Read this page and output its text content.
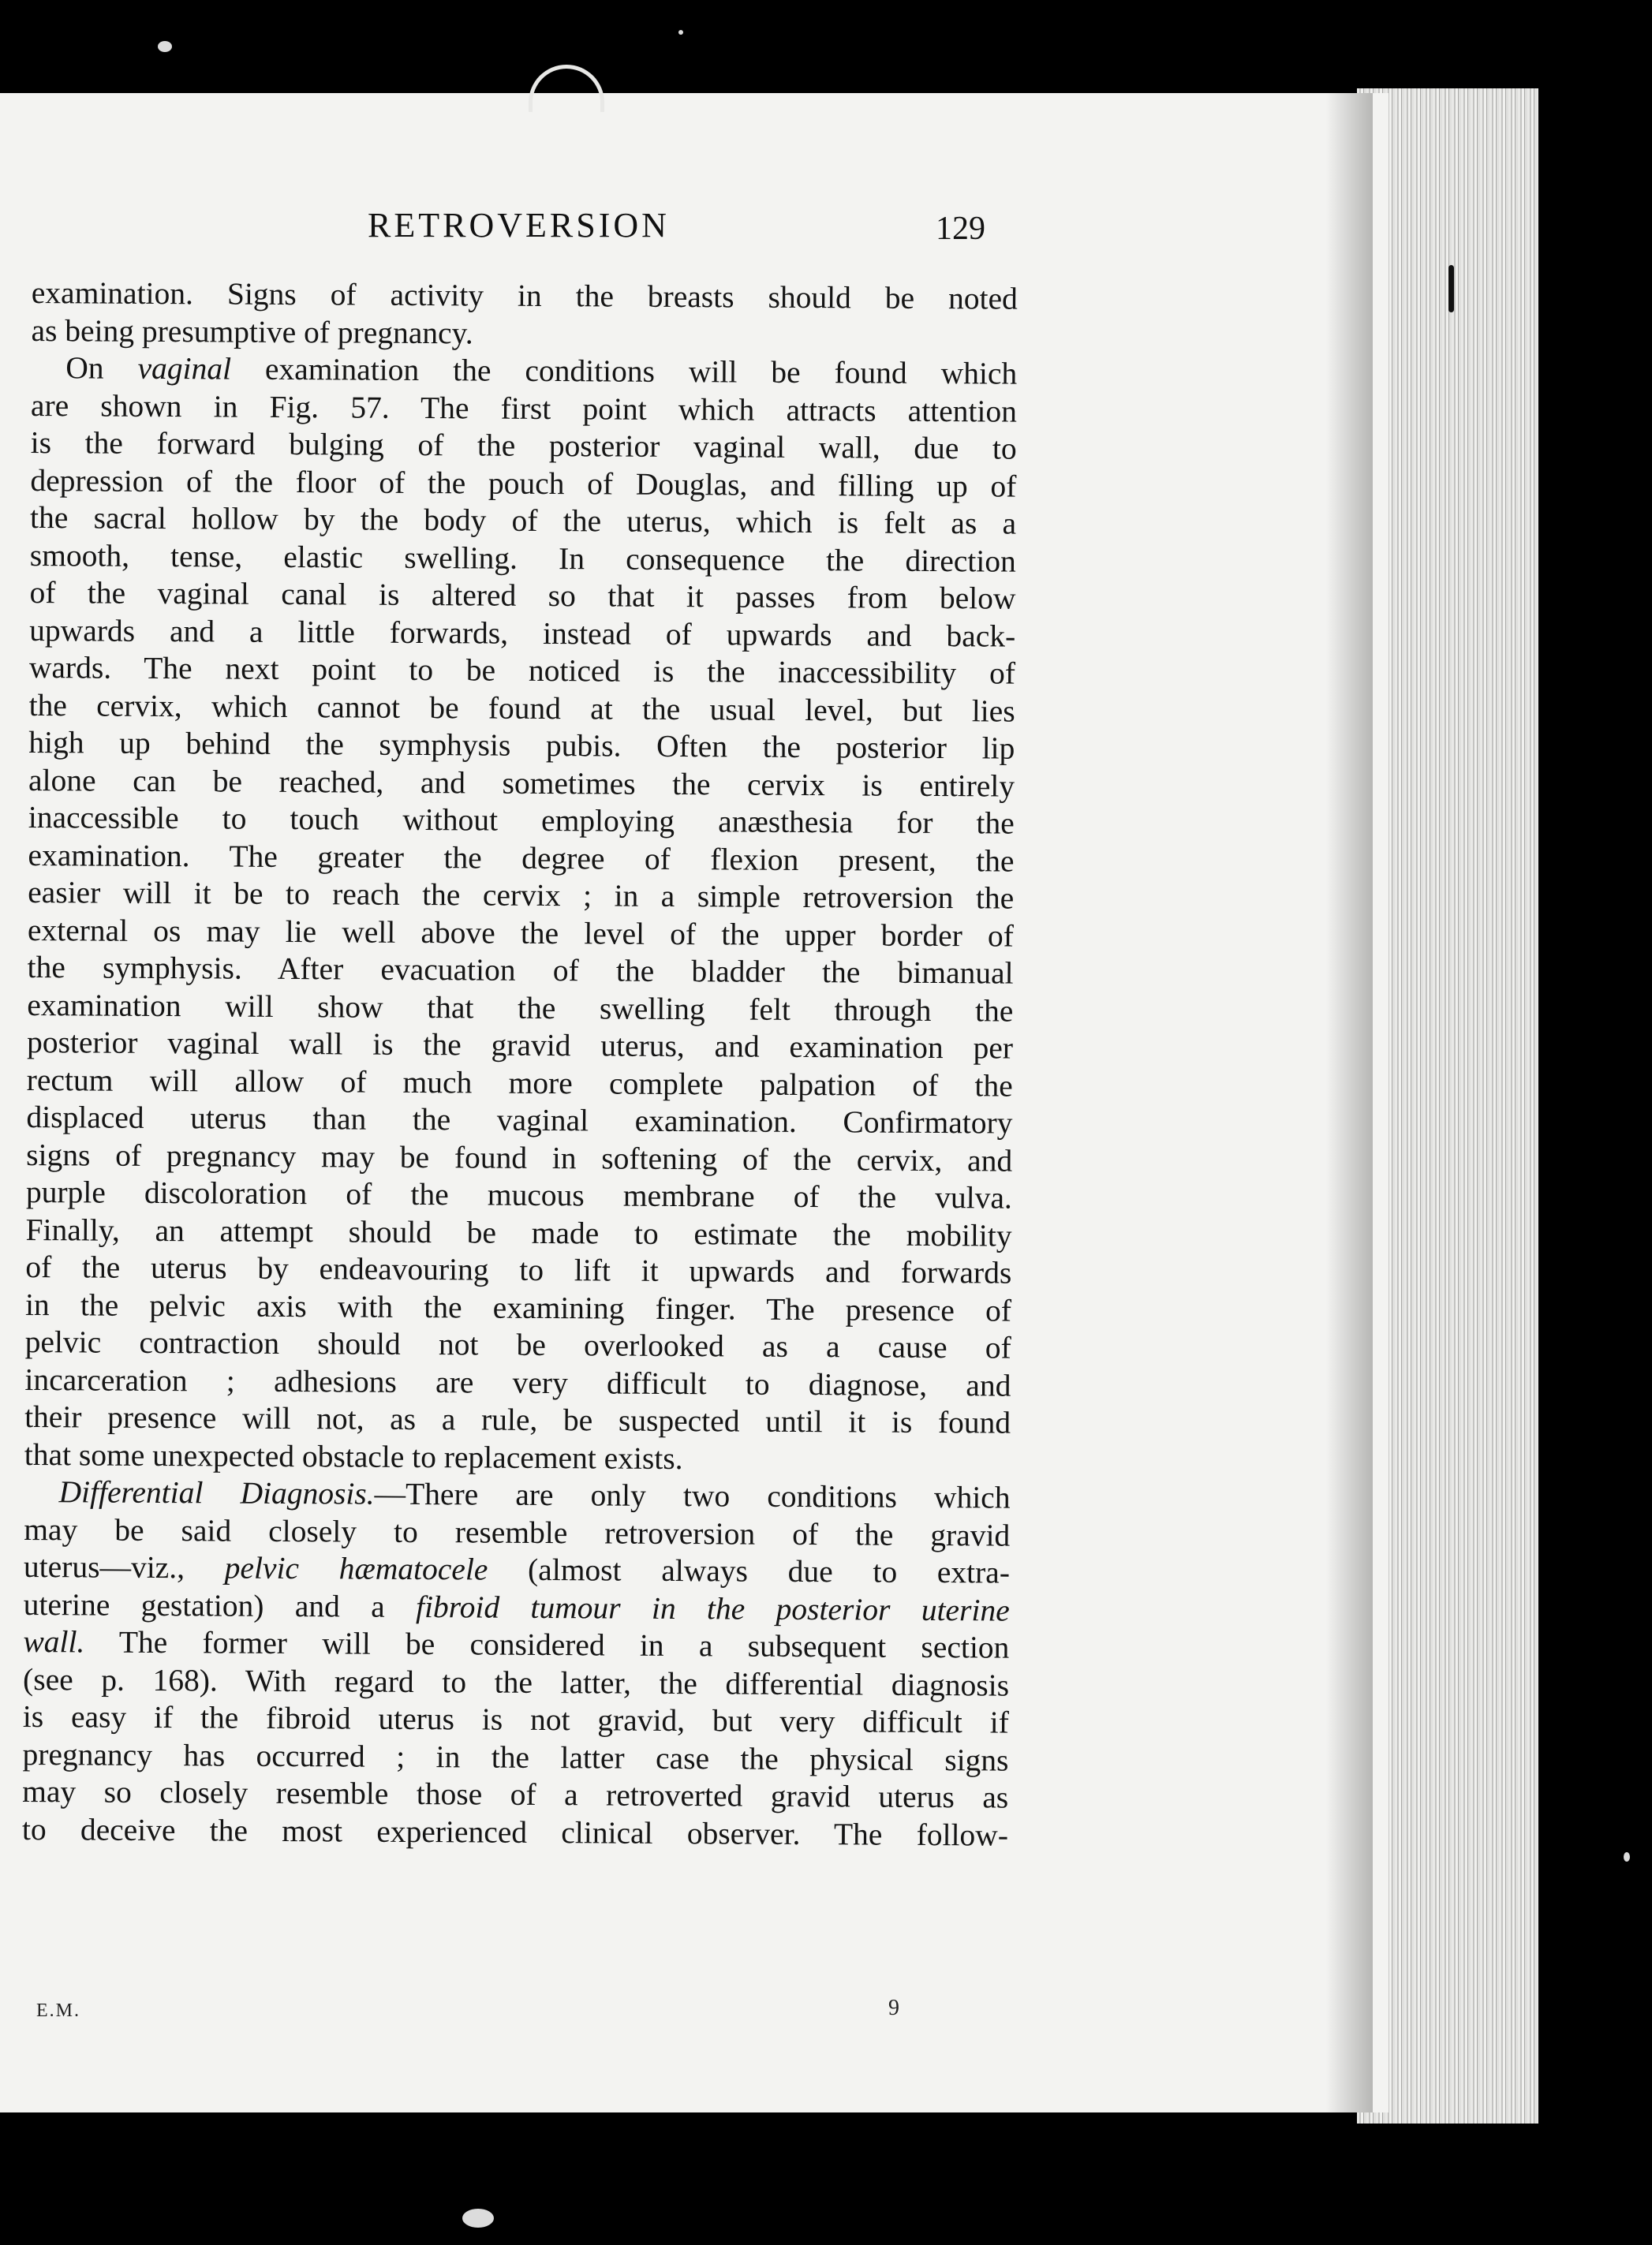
RETROVERSION	129
examination. Signs of activity in the breasts should be noted
as being presumptive of pregnancy.
On vaginal examination the conditions will be found which
are shown in Fig. 57. The first point which attracts attention
is the forward bulging of the posterior vaginal wall, due to
depression of the floor of the pouch of Douglas, and filling up of
the sacral hollow by the body of the uterus, which is felt as a
smooth, tense, elastic swelling. In consequence the direction
of the vaginal canal is altered so that it passes from below
upwards and a little forwards, instead of upwards and back-
wards. The next point to be noticed is the inaccessibility of
the cervix, which cannot be found at the usual level, but lies
high up behind the symphysis pubis. Often the posterior lip
alone can be reached, and sometimes the cervix is entirely
inaccessible to touch without employing anæsthesia for the
examination. The greater the degree of flexion present, the
easier will it be to reach the cervix ; in a simple retroversion the
external os may lie well above the level of the upper border of
the symphysis. After evacuation of the bladder the bimanual
examination will show that the swelling felt through the
posterior vaginal wall is the gravid uterus, and examination per
rectum will allow of much more complete palpation of the
displaced uterus than the vaginal examination. Confirmatory
signs of pregnancy may be found in softening of the cervix, and
purple discoloration of the mucous membrane of the vulva.
Finally, an attempt should be made to estimate the mobility
of the uterus by endeavouring to lift it upwards and forwards
in the pelvic axis with the examining finger. The presence of
pelvic contraction should not be overlooked as a cause of
incarceration ; adhesions are very difficult to diagnose, and
their presence will not, as a rule, be suspected until it is found
that some unexpected obstacle to replacement exists.
Differential Diagnosis.—There are only two conditions which
may be said closely to resemble retroversion of the gravid
uterus—viz., pelvic hæmatocele (almost always due to extra-
uterine gestation) and a fibroid tumour in the posterior uterine
wall. The former will be considered in a subsequent section
(see p. 168). With regard to the latter, the differential diagnosis
is easy if the fibroid uterus is not gravid, but very difficult if
pregnancy has occurred ; in the latter case the physical signs
may so closely resemble those of a retroverted gravid uterus as
to deceive the most experienced clinical observer. The follow-
E.M.	9
